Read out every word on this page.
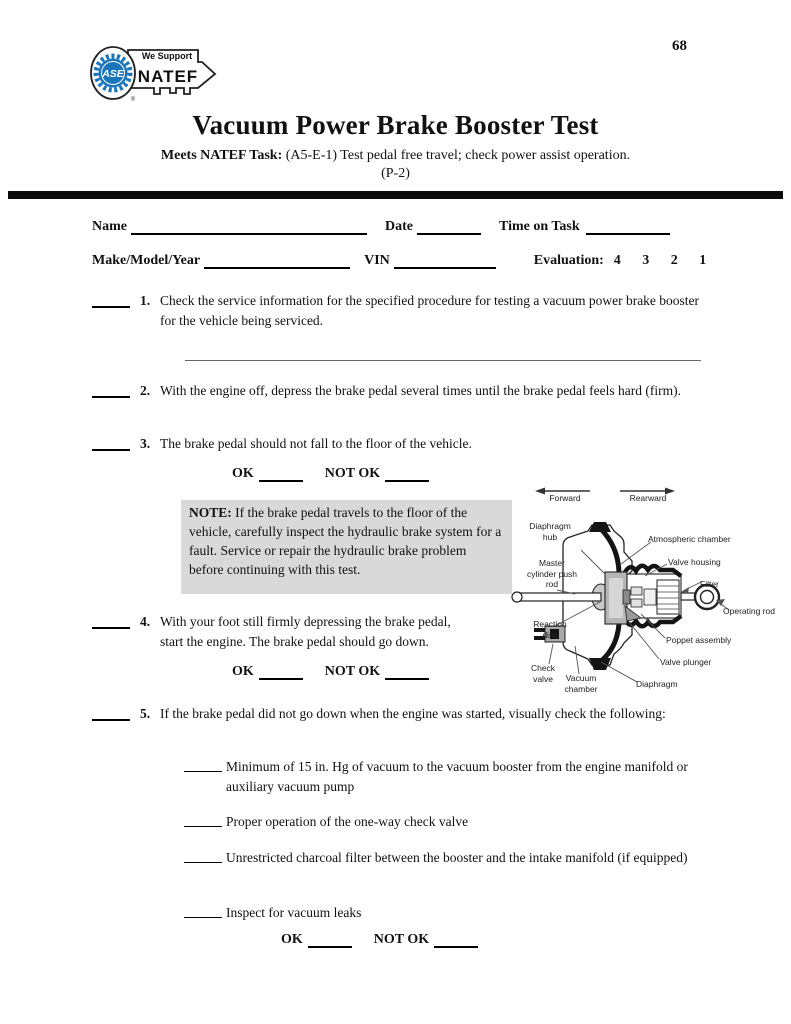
68
ASE
We Support
NATEF
®
Vacuum Power Brake Booster Test
Meets NATEF Task: (A5-E-1) Test pedal free travel; check power assist operation.
(P-2)
Name	Date	Time on Task
Make/Model/Year	VIN	Evaluation: 4 3 2 1
1. Check the service information for the specified procedure for testing a vacuum power brake booster for the vehicle being serviced.
2. With the engine off, depress the brake pedal several times until the brake pedal feels hard (firm).
3. The brake pedal should not fall to the floor of the vehicle.
OK	NOT OK
NOTE: If the brake pedal travels to the floor of the vehicle, carefully inspect the hydraulic brake system for a fault. Service or repair the hydraulic brake problem before continuing with this test.
4. With your foot still firmly depressing the brake pedal, start the engine. The brake pedal should go down.
OK	NOT OK
5. If the brake pedal did not go down when the engine was started, visually check the following:
Minimum of 15 in. Hg of vacuum to the vacuum booster from the engine manifold or auxiliary vacuum pump
Proper operation of the one-way check valve
Unrestricted charcoal filter between the booster and the intake manifold (if equipped)
Inspect for vacuum leaks
OK	NOT OK
Forward	Rearward
Diaphragm hub	Atmospheric chamber
Valve housing
Master cylinder push rod	Filter
Operating rod
Reaction disc
Poppet assembly
Valve plunger
Check valve	Vacuum chamber	Diaphragm
